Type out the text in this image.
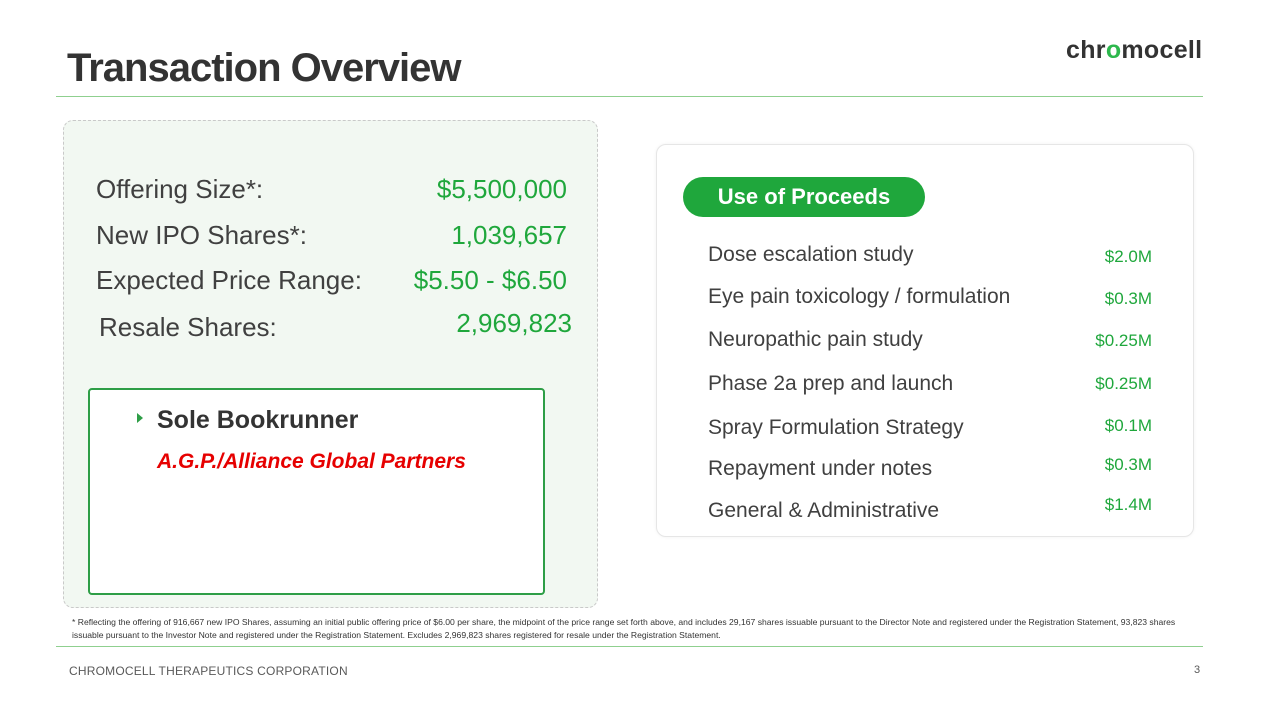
Transaction Overview	chromocell
Offering Size*:	$5,500,000
New IPO Shares*:	1,039,657
Expected Price Range: $5.50 - $6.50
Resale Shares:	2,969,823
Sole Bookrunner
A.G.P./Alliance Global Partners
Use of Proceeds
Dose escalation study	$2.0M
Eye pain toxicology / formulation	$0.3M
Neuropathic pain study	$0.25M
Phase 2a prep and launch	$0.25M
Spray Formulation Strategy	$0.1M
Repayment under notes	$0.3M
General & Administrative	$1.4M
* Reflecting the offering of 916,667 new IPO Shares, assuming an initial public offering price of $6.00 per share, the midpoint of the price range set forth above, and includes 29,167 shares issuable pursuant to the Director Note and registered under the Registration Statement, 93,823 shares issuable pursuant to the Investor Note and registered under the Registration Statement. Excludes 2,969,823 shares registered for resale under the Registration Statement.
CHROMOCELL THERAPEUTICS CORPORATION	3
